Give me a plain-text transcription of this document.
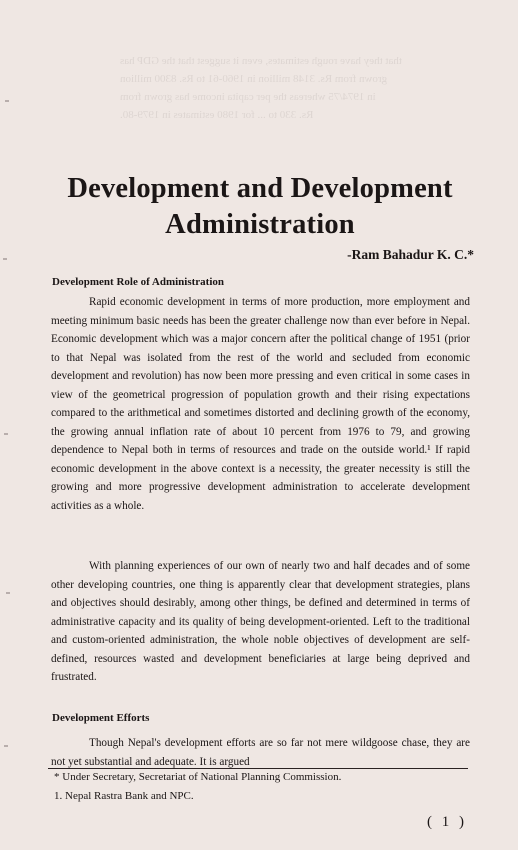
that they have rough estimates, even it suggest that the GDP has
grown from Rs. 3148 million in 1960-61 to Rs. 8300 million
in 1974/75 whereas the per capita income has grown from
Rs. 330 to ... for 1980 estimates in 1979-80.
Development and Development
Administration
-Ram Bahadur K. C.*
Development Role of Administration

Rapid economic development in terms of more production, more employment and meeting minimum basic needs has been the greater challenge now than ever before in Nepal. Economic development which was a major concern after the political change of 1951 (prior to that Nepal was isolated from the rest of the world and secluded from economic development and revolution) has now been more pressing and even critical in some cases in view of the geometrical progression of population growth and their rising expectations compared to the arithmetical and sometimes distorted and declining growth of the economy, the growing annual inflation rate of about 10 percent from 1976 to 79, and growing dependence to Nepal both in terms of resources and trade on the outside world.¹ If rapid economic development in the above context is a necessity, the greater necessity is still the growing and more progressive development administration to accelerate development activities as a whole.

With planning experiences of our own of nearly two and half decades and of some other developing countries, one thing is apparently clear that development strategies, plans and objectives should desirably, among other things, be defined and determined in terms of administrative capacity and its quality of being development-oriented. Left to the traditional and custom-oriented administration, the whole noble objectives of development are self-defined, resources wasted and development beneficiaries at large being deprived and frustrated.

Development Efforts

Though Nepal's development efforts are so far not mere wildgoose chase, they are not yet substantial and adequate. It is argued

* Under Secretary, Secretariat of National Planning Commission.
1. Nepal Rastra Bank and NPC.
( 1 )
